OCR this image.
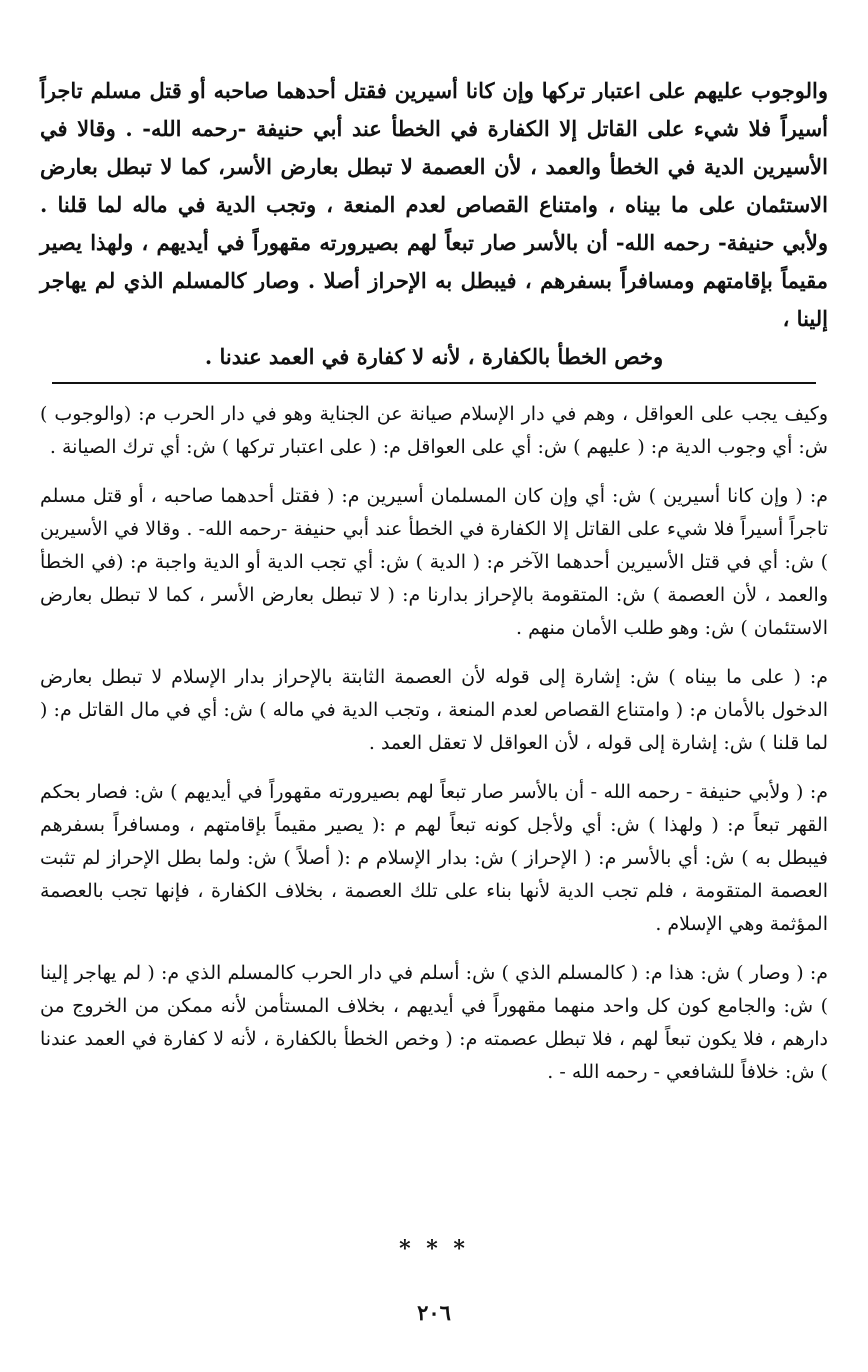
والوجوب عليهم على اعتبار تركها وإن كانا أسيرين فقتل أحدهما صاحبه أو قتل مسلم تاجراً أسيراً فلا شيء على القاتل إلا الكفارة في الخطأ عند أبي حنيفة -رحمه الله- . وقالا في الأسيرين الدية في الخطأ والعمد ، لأن العصمة لا تبطل بعارض الأسر، كما لا تبطل بعارض الاستئمان على ما بيناه ، وامتناع القصاص لعدم المنعة ، وتجب الدية في ماله لما قلنا . ولأبي حنيفة- رحمه الله- أن بالأسر صار تبعاً لهم بصيرورته مقهوراً في أيديهم ، ولهذا يصير مقيماً بإقامتهم ومسافراً بسفرهم ، فيبطل به الإحراز أصلا . وصار كالمسلم الذي لم يهاجر إلينا ،
وخص الخطأ بالكفارة ، لأنه لا كفارة في العمد عندنا .

وكيف يجب على العواقل ، وهم في دار الإسلام صيانة عن الجناية وهو في دار الحرب م: (والوجوب ) ش: أي وجوب الدية م: ( عليهم ) ش: أي على العواقل م: ( على اعتبار تركها ) ش: أي ترك الصيانة .

م: ( وإن كانا أسيرين ) ش: أي وإن كان المسلمان أسيرين م: ( فقتل أحدهما صاحبه ، أو قتل مسلم تاجراً أسيراً فلا شيء على القاتل إلا الكفارة في الخطأ عند أبي حنيفة -رحمه الله- . وقالا في الأسيرين ) ش: أي في قتل الأسيرين أحدهما الآخر م: ( الدية ) ش: أي تجب الدية أو الدية واجبة م: (في الخطأ والعمد ، لأن العصمة ) ش: المتقومة بالإحراز بدارنا م: ( لا تبطل بعارض الأسر ، كما لا تبطل بعارض الاستئمان ) ش: وهو طلب الأمان منهم .

م: ( على ما بيناه ) ش: إشارة إلى قوله لأن العصمة الثابتة بالإحراز بدار الإسلام لا تبطل بعارض الدخول بالأمان م: ( وامتناع القصاص لعدم المنعة ، وتجب الدية في ماله ) ش: أي في مال القاتل م: ( لما قلنا ) ش: إشارة إلى قوله ، لأن العواقل لا تعقل العمد .

م: ( ولأبي حنيفة - رحمه الله - أن بالأسر صار تبعاً لهم بصيرورته مقهوراً في أيديهم ) ش: فصار بحكم القهر تبعاً م: ( ولهذا ) ش: أي ولأجل كونه تبعاً لهم م :( يصير مقيماً بإقامتهم ، ومسافراً بسفرهم فيبطل به ) ش: أي بالأسر م: ( الإحراز ) ش: بدار الإسلام م :( أصلاً ) ش: ولما بطل الإحراز لم تثبت العصمة المتقومة ، فلم تجب الدية لأنها بناء على تلك العصمة ، بخلاف الكفارة ، فإنها تجب بالعصمة المؤثمة وهي الإسلام .

م: ( وصار ) ش: هذا م: ( كالمسلم الذي ) ش: أسلم في دار الحرب كالمسلم الذي م: ( لم يهاجر إلينا ) ش: والجامع كون كل واحد منهما مقهوراً في أيديهم ، بخلاف المستأمن لأنه ممكن من الخروج من دارهم ، فلا يكون تبعاً لهم ، فلا تبطل عصمته م: ( وخص الخطأ بالكفارة ، لأنه لا كفارة في العمد عندنا ) ش: خلافاً للشافعي - رحمه الله - .

* * *
٢٠٦
